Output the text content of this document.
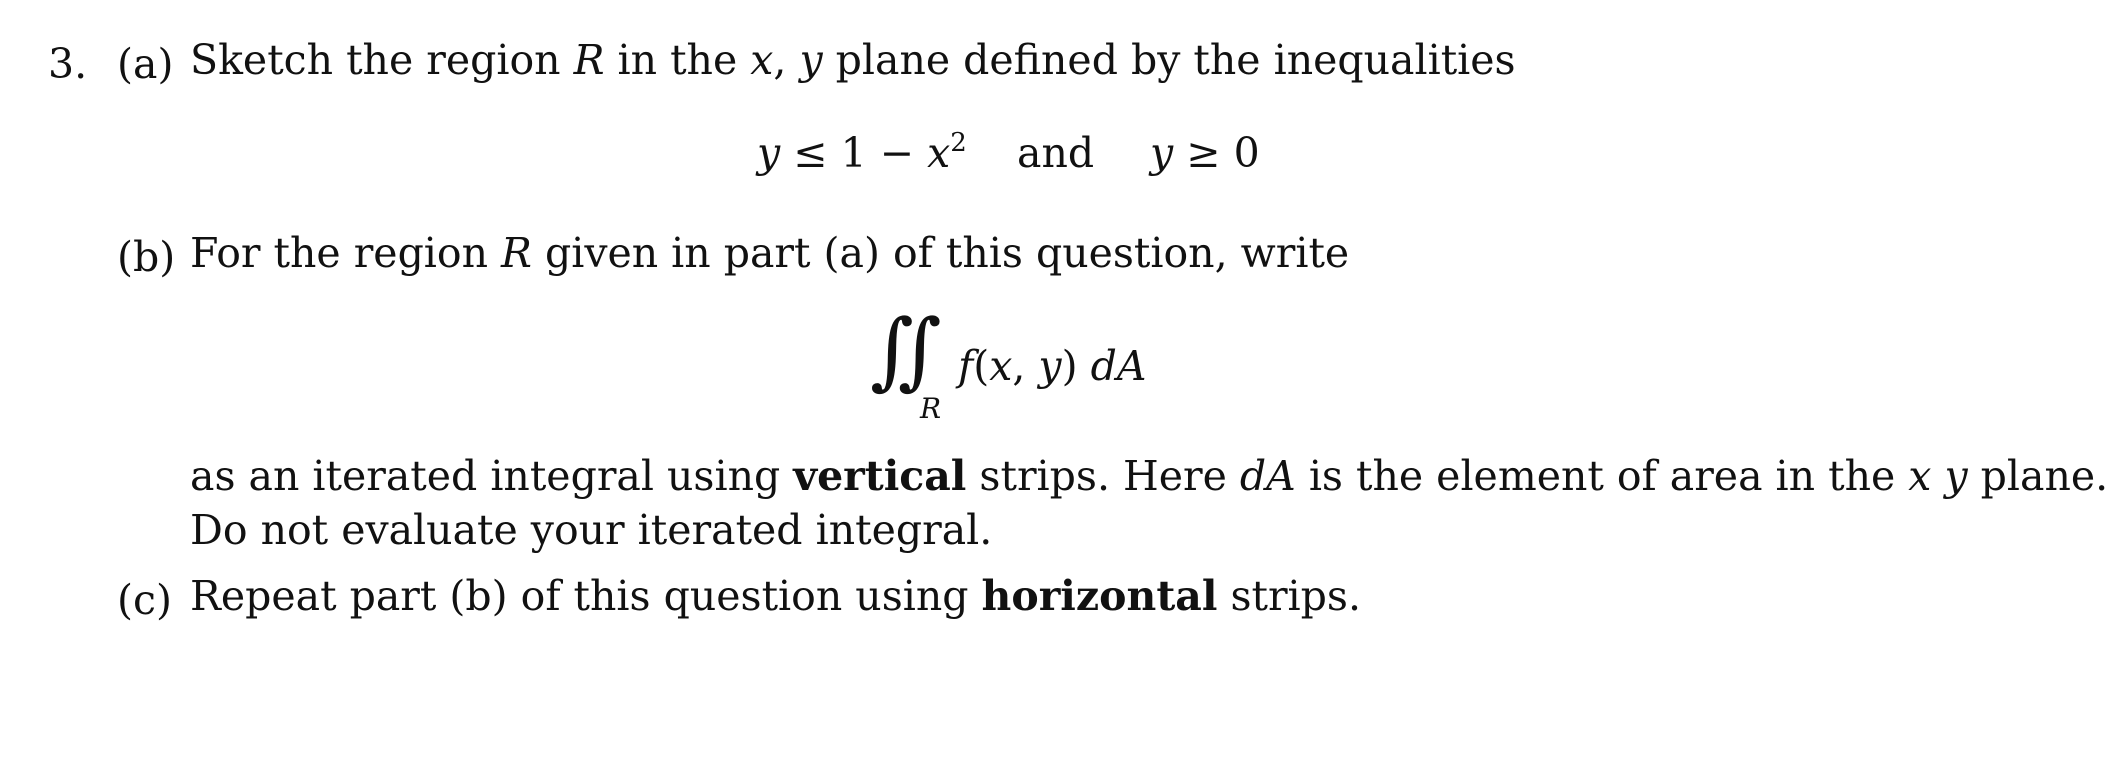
3. (a) Sketch the region R in the x, y plane defined by the inequalities
$y \le 1 - x^2$ and y ≥ 0
(b) For the region R given in part (a) of this question, write
∬
R
f(x, y) dA
as an iterated integral using vertical strips. Here dA is the element of area in the x y plane.
Do not evaluate your iterated integral.
(c) Repeat part (b) of this question using horizontal strips.
